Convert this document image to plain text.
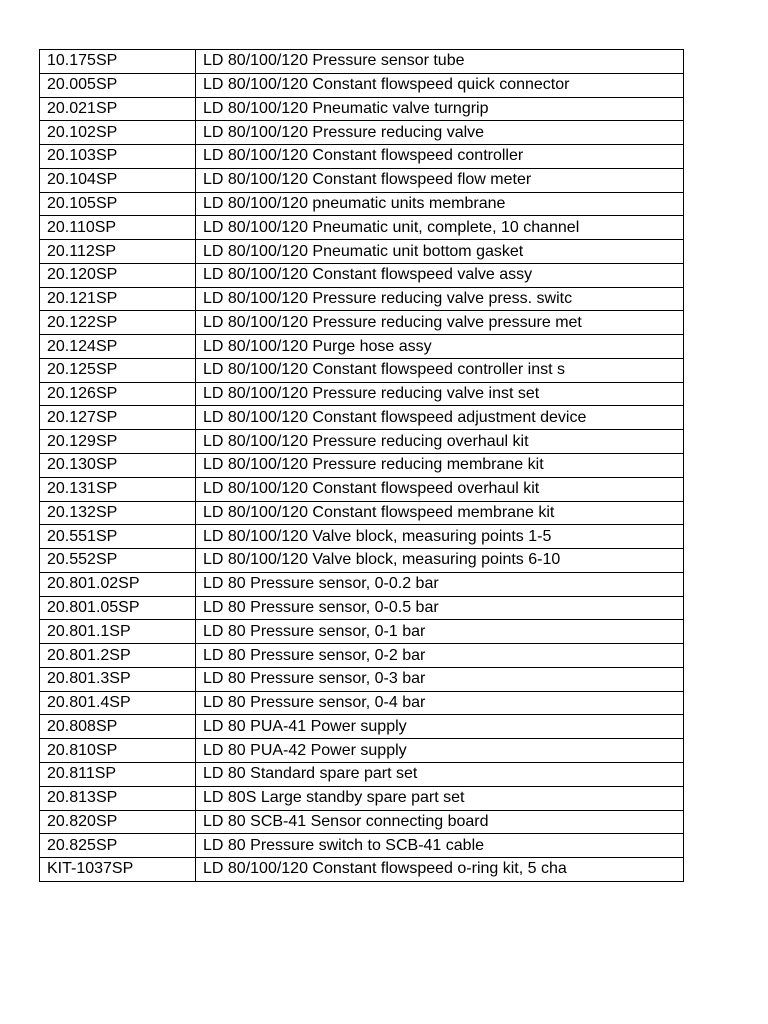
10.175SP	LD 80/100/120 Pressure sensor tube
20.005SP	LD 80/100/120 Constant flowspeed quick connector
20.021SP	LD 80/100/120 Pneumatic valve turngrip
20.102SP	LD 80/100/120 Pressure reducing valve
20.103SP	LD 80/100/120 Constant flowspeed controller
20.104SP	LD 80/100/120 Constant flowspeed flow meter
20.105SP	LD 80/100/120 pneumatic units membrane
20.110SP	LD 80/100/120 Pneumatic unit, complete, 10 channel
20.112SP	LD 80/100/120 Pneumatic unit bottom gasket
20.120SP	LD 80/100/120 Constant flowspeed valve assy
20.121SP	LD 80/100/120 Pressure reducing valve press. switc
20.122SP	LD 80/100/120 Pressure reducing valve pressure met
20.124SP	LD 80/100/120 Purge hose assy
20.125SP	LD 80/100/120 Constant flowspeed controller inst s
20.126SP	LD 80/100/120 Pressure reducing valve inst set
20.127SP	LD 80/100/120 Constant flowspeed adjustment device
20.129SP	LD 80/100/120 Pressure reducing overhaul kit
20.130SP	LD 80/100/120 Pressure reducing membrane kit
20.131SP	LD 80/100/120 Constant flowspeed overhaul kit
20.132SP	LD 80/100/120 Constant flowspeed membrane kit
20.551SP	LD 80/100/120 Valve block, measuring points 1-5
20.552SP	LD 80/100/120 Valve block, measuring points 6-10
20.801.02SP	LD 80 Pressure sensor, 0-0.2 bar
20.801.05SP	LD 80 Pressure sensor, 0-0.5 bar
20.801.1SP	LD 80 Pressure sensor, 0-1 bar
20.801.2SP	LD 80 Pressure sensor, 0-2 bar
20.801.3SP	LD 80 Pressure sensor, 0-3 bar
20.801.4SP	LD 80 Pressure sensor, 0-4 bar
20.808SP	LD 80 PUA-41 Power supply
20.810SP	LD 80 PUA-42 Power supply
20.811SP	LD 80 Standard spare part set
20.813SP	LD 80S Large standby spare part set
20.820SP	LD 80 SCB-41 Sensor connecting board
20.825SP	LD 80 Pressure switch to SCB-41 cable
KIT-1037SP	LD 80/100/120 Constant flowspeed o-ring kit, 5 cha
